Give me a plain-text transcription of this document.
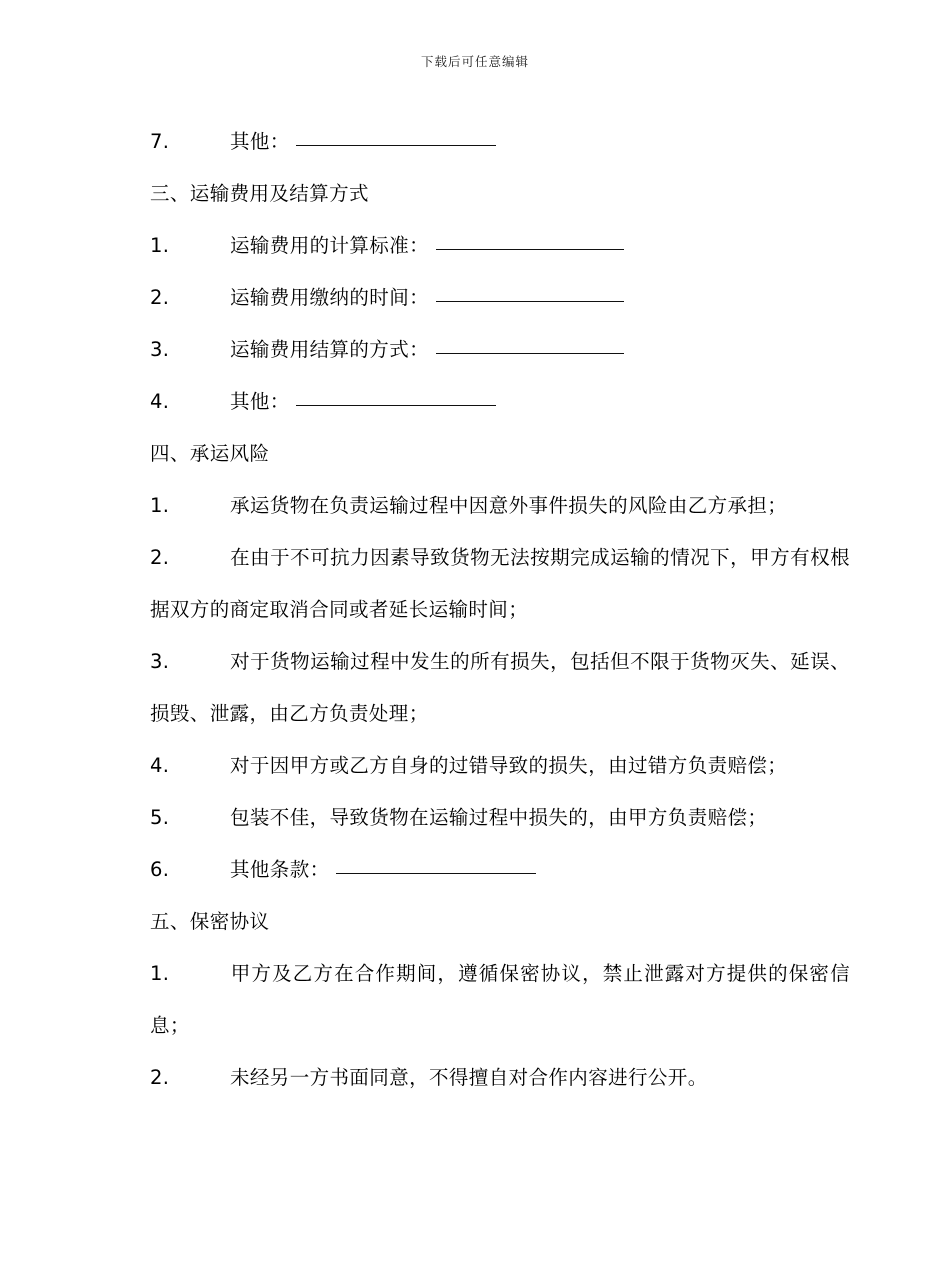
下载后可任意编辑
7.	其他：
三、运输费用及结算方式
1.	运输费用的计算标准：
2.	运输费用缴纳的时间：
3.	运输费用结算的方式：
4.	其他：
四、承运风险
1.	承运货物在负责运输过程中因意外事件损失的风险由乙方承担；
2.	在由于不可抗力因素导致货物无法按期完成运输的情况下，甲方有权根据双方的商定取消合同或者延长运输时间；
3.	对于货物运输过程中发生的所有损失，包括但不限于货物灭失、延误、损毁、泄露，由乙方负责处理；
4.	对于因甲方或乙方自身的过错导致的损失，由过错方负责赔偿；
5.	包装不佳，导致货物在运输过程中损失的，由甲方负责赔偿；
6.	其他条款：
五、保密协议
1.	甲方及乙方在合作期间，遵循保密协议，禁止泄露对方提供的保密信息；
2.	未经另一方书面同意，不得擅自对合作内容进行公开。
